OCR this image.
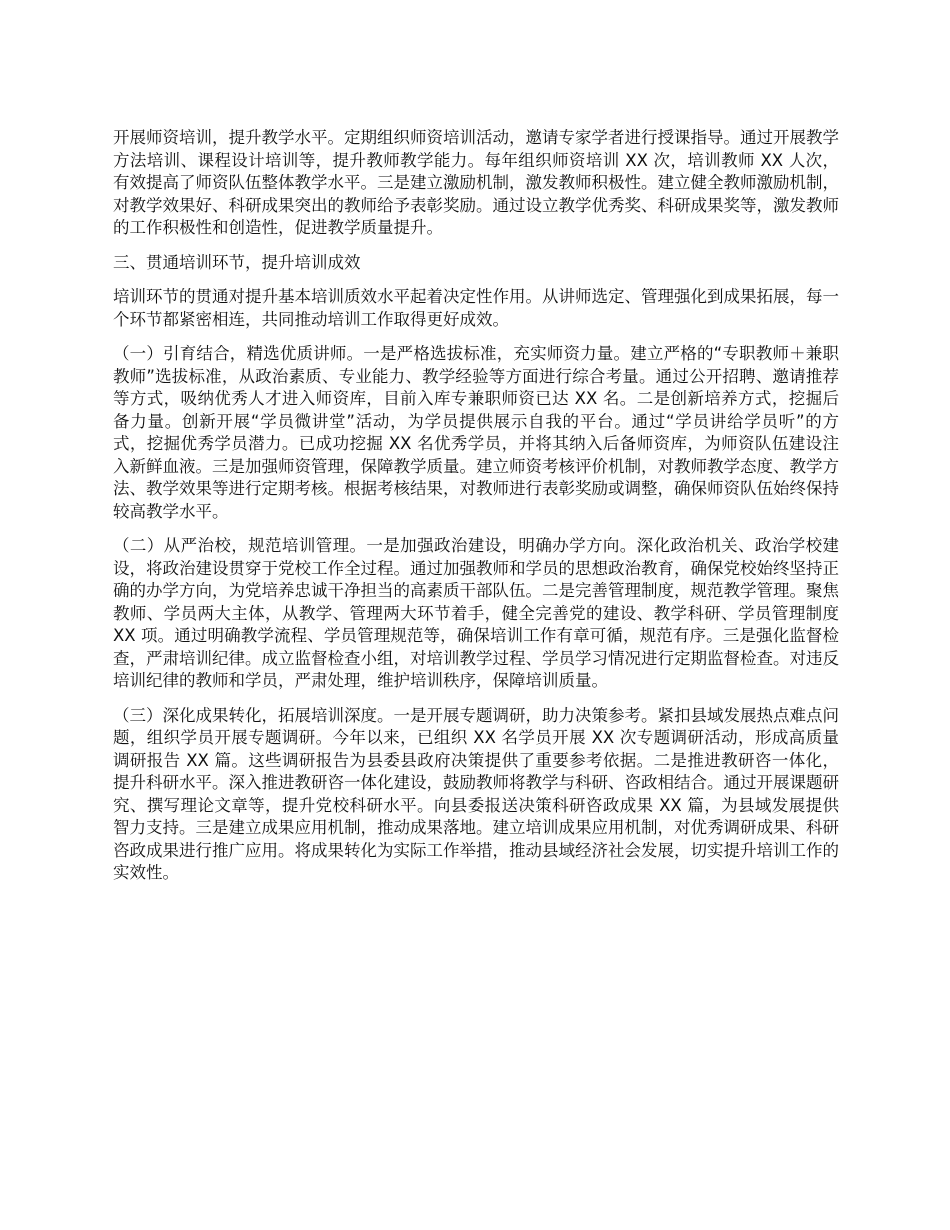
开展师资培训，提升教学水平。定期组织师资培训活动，邀请专家学者进行授课指导。通过开展教学方法培训、课程设计培训等，提升教师教学能力。每年组织师资培训 XX 次，培训教师 XX 人次，有效提高了师资队伍整体教学水平。三是建立激励机制，激发教师积极性。建立健全教师激励机制，对教学效果好、科研成果突出的教师给予表彰奖励。通过设立教学优秀奖、科研成果奖等，激发教师的工作积极性和创造性，促进教学质量提升。

三、贯通培训环节，提升培训成效

培训环节的贯通对提升基本培训质效水平起着决定性作用。从讲师选定、管理强化到成果拓展，每一个环节都紧密相连，共同推动培训工作取得更好成效。

（一）引育结合，精选优质讲师。一是严格选拔标准，充实师资力量。建立严格的“专职教师＋兼职教师”选拔标准，从政治素质、专业能力、教学经验等方面进行综合考量。通过公开招聘、邀请推荐等方式，吸纳优秀人才进入师资库，目前入库专兼职师资已达 XX 名。二是创新培养方式，挖掘后备力量。创新开展“学员微讲堂”活动，为学员提供展示自我的平台。通过“学员讲给学员听”的方式，挖掘优秀学员潜力。已成功挖掘 XX 名优秀学员，并将其纳入后备师资库，为师资队伍建设注入新鲜血液。三是加强师资管理，保障教学质量。建立师资考核评价机制，对教师教学态度、教学方法、教学效果等进行定期考核。根据考核结果，对教师进行表彰奖励或调整，确保师资队伍始终保持较高教学水平。

（二）从严治校，规范培训管理。一是加强政治建设，明确办学方向。深化政治机关、政治学校建设，将政治建设贯穿于党校工作全过程。通过加强教师和学员的思想政治教育，确保党校始终坚持正确的办学方向，为党培养忠诚干净担当的高素质干部队伍。二是完善管理制度，规范教学管理。聚焦教师、学员两大主体，从教学、管理两大环节着手，健全完善党的建设、教学科研、学员管理制度 XX 项。通过明确教学流程、学员管理规范等，确保培训工作有章可循，规范有序。三是强化监督检查，严肃培训纪律。成立监督检查小组，对培训教学过程、学员学习情况进行定期监督检查。对违反培训纪律的教师和学员，严肃处理，维护培训秩序，保障培训质量。

（三）深化成果转化，拓展培训深度。一是开展专题调研，助力决策参考。紧扣县域发展热点难点问题，组织学员开展专题调研。今年以来，已组织 XX 名学员开展 XX 次专题调研活动，形成高质量调研报告 XX 篇。这些调研报告为县委县政府决策提供了重要参考依据。二是推进教研咨一体化，提升科研水平。深入推进教研咨一体化建设，鼓励教师将教学与科研、咨政相结合。通过开展课题研究、撰写理论文章等，提升党校科研水平。向县委报送决策科研咨政成果 XX 篇，为县域发展提供智力支持。三是建立成果应用机制，推动成果落地。建立培训成果应用机制，对优秀调研成果、科研咨政成果进行推广应用。将成果转化为实际工作举措，推动县域经济社会发展，切实提升培训工作的实效性。
